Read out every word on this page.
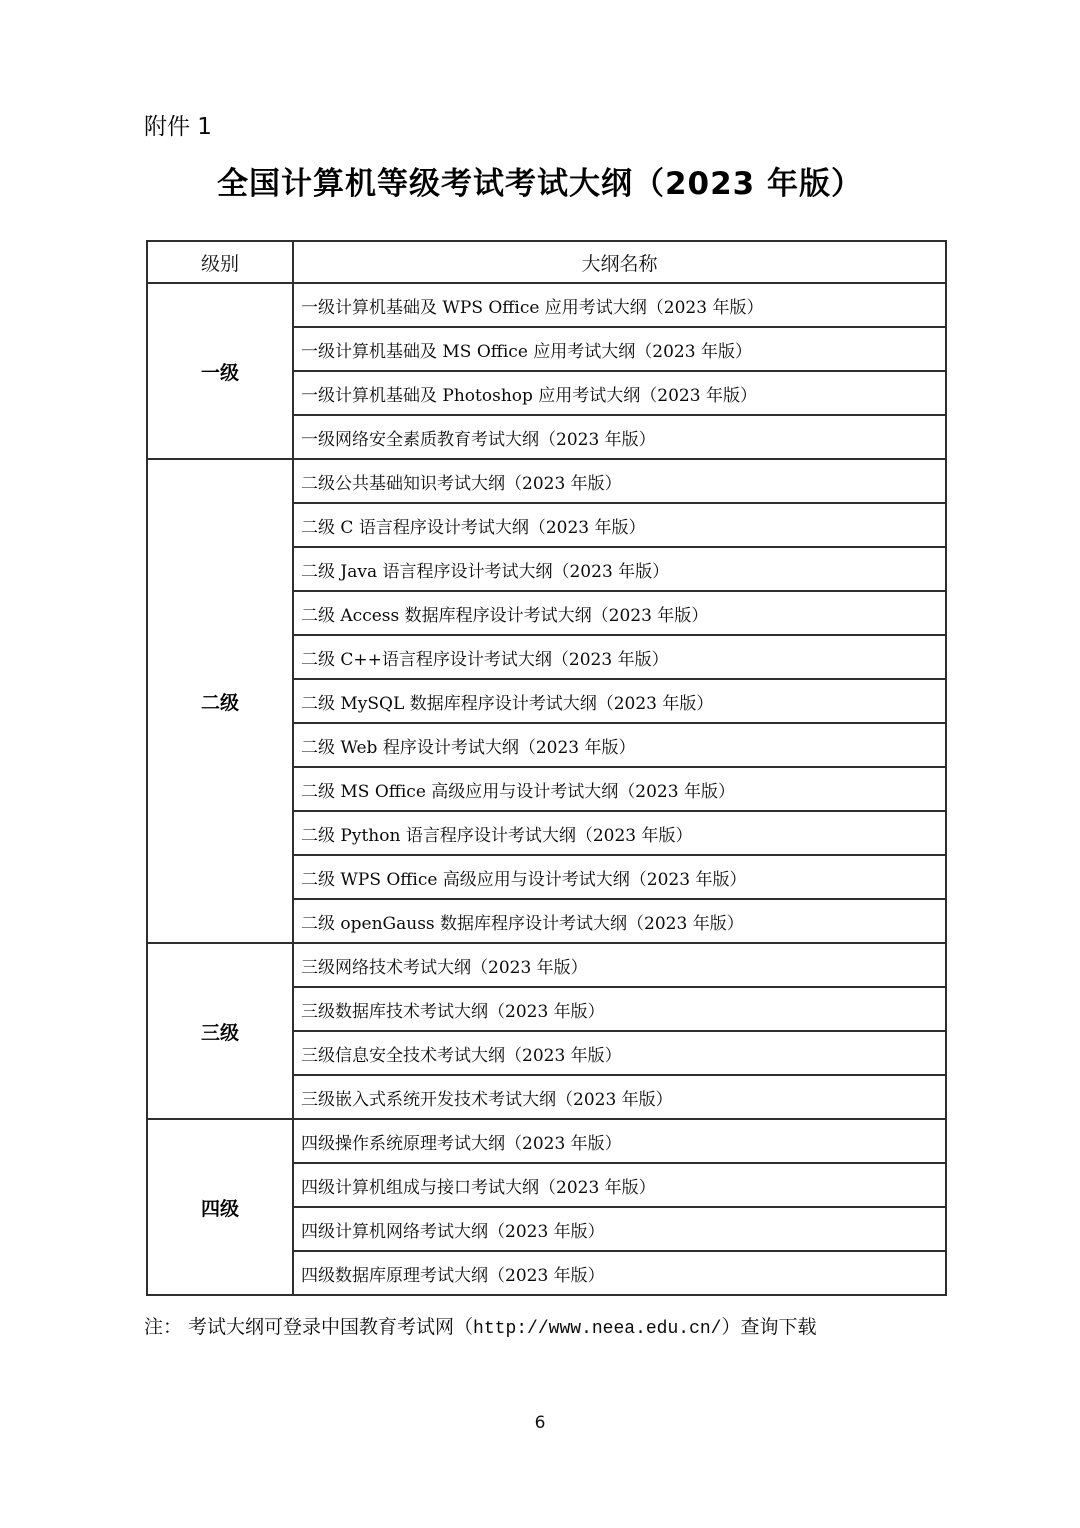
附件 1
全国计算机等级考试考试大纲（2023 年版）
级别	大纲名称
一级	一级计算机基础及 WPS Office 应用考试大纲（2023 年版）
	一级计算机基础及 MS Office 应用考试大纲（2023 年版）
	一级计算机基础及 Photoshop 应用考试大纲（2023 年版）
	一级网络安全素质教育考试大纲（2023 年版）
二级	二级公共基础知识考试大纲（2023 年版）
	二级 C 语言程序设计考试大纲（2023 年版）
	二级 Java 语言程序设计考试大纲（2023 年版）
	二级 Access 数据库程序设计考试大纲（2023 年版）
	二级 C++语言程序设计考试大纲（2023 年版）
	二级 MySQL 数据库程序设计考试大纲（2023 年版）
	二级 Web 程序设计考试大纲（2023 年版）
	二级 MS Office 高级应用与设计考试大纲（2023 年版）
	二级 Python 语言程序设计考试大纲（2023 年版）
	二级 WPS Office 高级应用与设计考试大纲（2023 年版）
	二级 openGauss 数据库程序设计考试大纲（2023 年版）
三级	三级网络技术考试大纲（2023 年版）
	三级数据库技术考试大纲（2023 年版）
	三级信息安全技术考试大纲（2023 年版）
	三级嵌入式系统开发技术考试大纲（2023 年版）
四级	四级操作系统原理考试大纲（2023 年版）
	四级计算机组成与接口考试大纲（2023 年版）
	四级计算机网络考试大纲（2023 年版）
	四级数据库原理考试大纲（2023 年版）
注： 考试大纲可登录中国教育考试网（http://www.neea.edu.cn/）查询下载
6
